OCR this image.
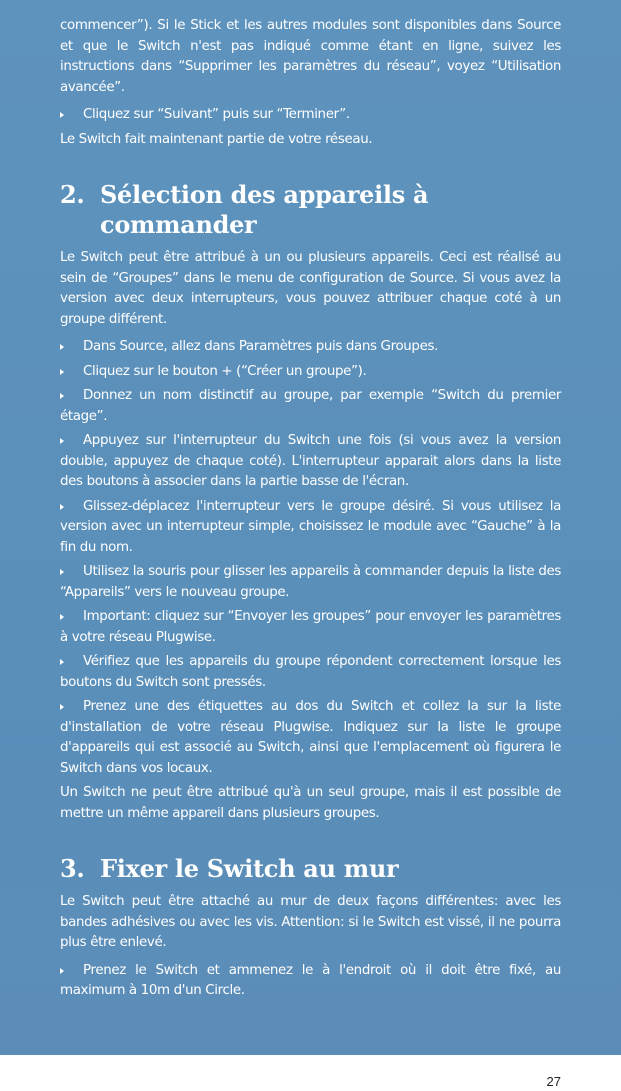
commencer”). Si le Stick et les autres modules sont disponibles dans Source et que le Switch n'est pas indiqué comme étant en ligne, suivez les instructions dans “Supprimer les paramètres du réseau”, voyez “Utilisation avancée”.

Cliquez sur “Suivant” puis sur “Terminer”.

Le Switch fait maintenant partie de votre réseau.

2. Sélection des appareils à commander

Le Switch peut être attribué à un ou plusieurs appareils. Ceci est réalisé au sein de “Groupes” dans le menu de configuration de Source. Si vous avez la version avec deux interrupteurs, vous pouvez attribuer chaque coté à un groupe différent.

Dans Source, allez dans Paramètres puis dans Groupes.

Cliquez sur le bouton + (“Créer un groupe”).

Donnez un nom distinctif au groupe, par exemple “Switch du premier étage”.

Appuyez sur l'interrupteur du Switch une fois (si vous avez la version double, appuyez de chaque coté). L'interrupteur apparait alors dans la liste des boutons à associer dans la partie basse de l'écran.

Glissez-déplacez l'interrupteur vers le groupe désiré. Si vous utilisez la version avec un interrupteur simple, choisissez le module avec “Gauche” à la fin du nom.

Utilisez la souris pour glisser les appareils à commander depuis la liste des “Appareils” vers le nouveau groupe.

Important: cliquez sur “Envoyer les groupes” pour envoyer les paramètres à votre réseau Plugwise.

Vérifiez que les appareils du groupe répondent correctement lorsque les boutons du Switch sont pressés.

Prenez une des étiquettes au dos du Switch et collez la sur la liste d'installation de votre réseau Plugwise. Indiquez sur la liste le groupe d'appareils qui est associé au Switch, ainsi que l'emplacement où figurera le Switch dans vos locaux.

Un Switch ne peut être attribué qu'à un seul groupe, mais il est possible de mettre un même appareil dans plusieurs groupes.

3. Fixer le Switch au mur

Le Switch peut être attaché au mur de deux façons différentes: avec les bandes adhésives ou avec les vis. Attention: si le Switch est vissé, il ne pourra plus être enlevé.

Prenez le Switch et ammenez le à l'endroit où il doit être fixé, au maximum à 10m d'un Circle.

27
